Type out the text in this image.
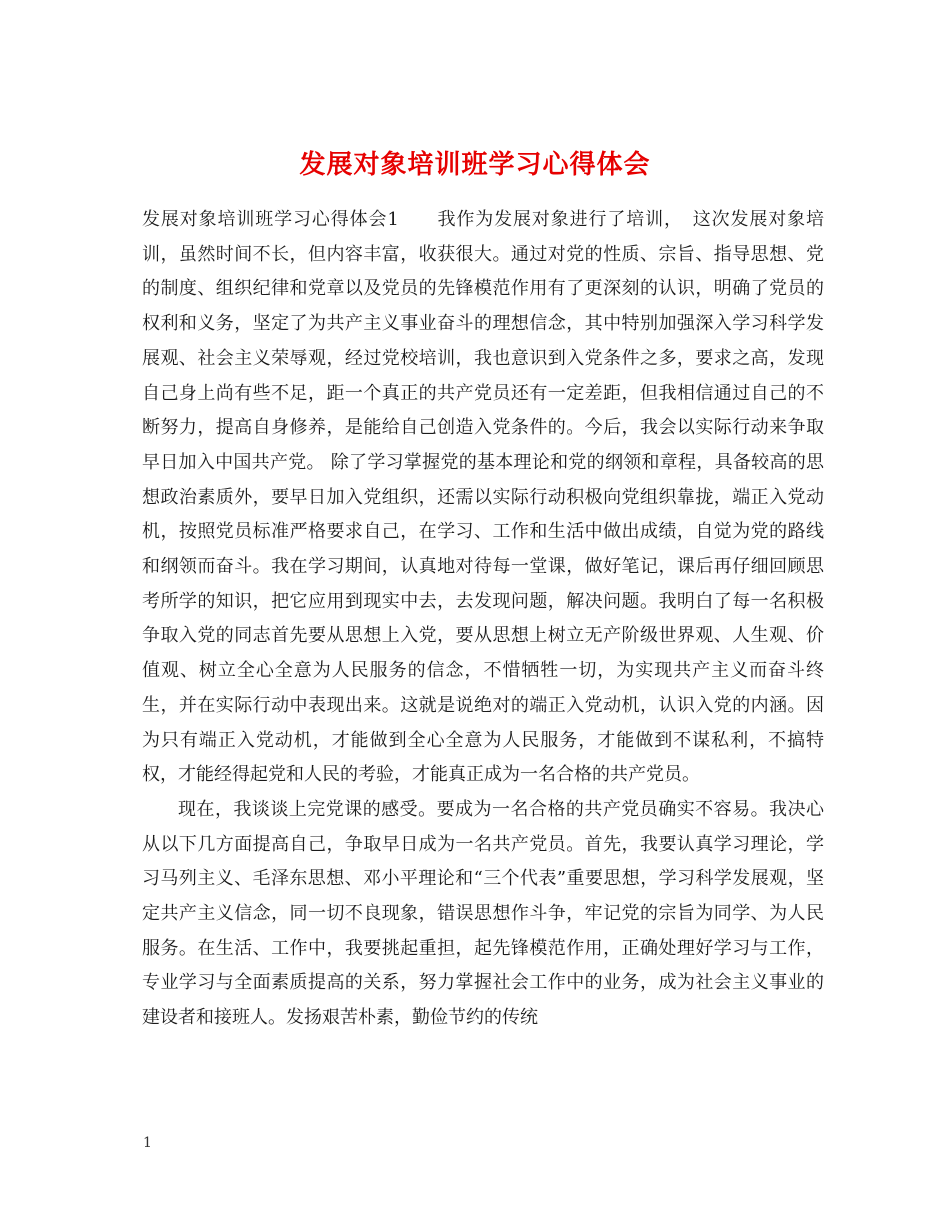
发展对象培训班学习心得体会

发展对象培训班学习心得体会1　　我作为发展对象进行了培训，　这次发展对象培训，虽然时间不长，但内容丰富，收获很大。通过对党的性质、宗旨、指导思想、党的制度、组织纪律和党章以及党员的先锋模范作用有了更深刻的认识，明确了党员的权利和义务，坚定了为共产主义事业奋斗的理想信念，其中特别加强深入学习科学发展观、社会主义荣辱观，经过党校培训，我也意识到入党条件之多，要求之高，发现自己身上尚有些不足，距一个真正的共产党员还有一定差距，但我相信通过自己的不断努力，提高自身修养，是能给自己创造入党条件的。今后，我会以实际行动来争取早日加入中国共产党。 除了学习掌握党的基本理论和党的纲领和章程，具备较高的思想政治素质外，要早日加入党组织，还需以实际行动积极向党组织靠拢，端正入党动机，按照党员标准严格要求自己，在学习、工作和生活中做出成绩，自觉为党的路线和纲领而奋斗。我在学习期间，认真地对待每一堂课，做好笔记，课后再仔细回顾思考所学的知识，把它应用到现实中去，去发现问题，解决问题。我明白了每一名积极争取入党的同志首先要从思想上入党，要从思想上树立无产阶级世界观、人生观、价值观、树立全心全意为人民服务的信念，不惜牺牲一切，为实现共产主义而奋斗终生，并在实际行动中表现出来。这就是说绝对的端正入党动机，认识入党的内涵。因为只有端正入党动机，才能做到全心全意为人民服务，才能做到不谋私利，不搞特权，才能经得起党和人民的考验，才能真正成为一名合格的共产党员。

现在，我谈谈上完党课的感受。要成为一名合格的共产党员确实不容易。我决心从以下几方面提高自己，争取早日成为一名共产党员。首先，我要认真学习理论，学习马列主义、毛泽东思想、邓小平理论和“三个代表”重要思想，学习科学发展观，坚定共产主义信念，同一切不良现象，错误思想作斗争，牢记党的宗旨为同学、为人民服务。在生活、工作中，我要挑起重担，起先锋模范作用，正确处理好学习与工作，专业学习与全面素质提高的关系，努力掌握社会工作中的业务，成为社会主义事业的建设者和接班人。发扬艰苦朴素，勤俭节约的传统

1
